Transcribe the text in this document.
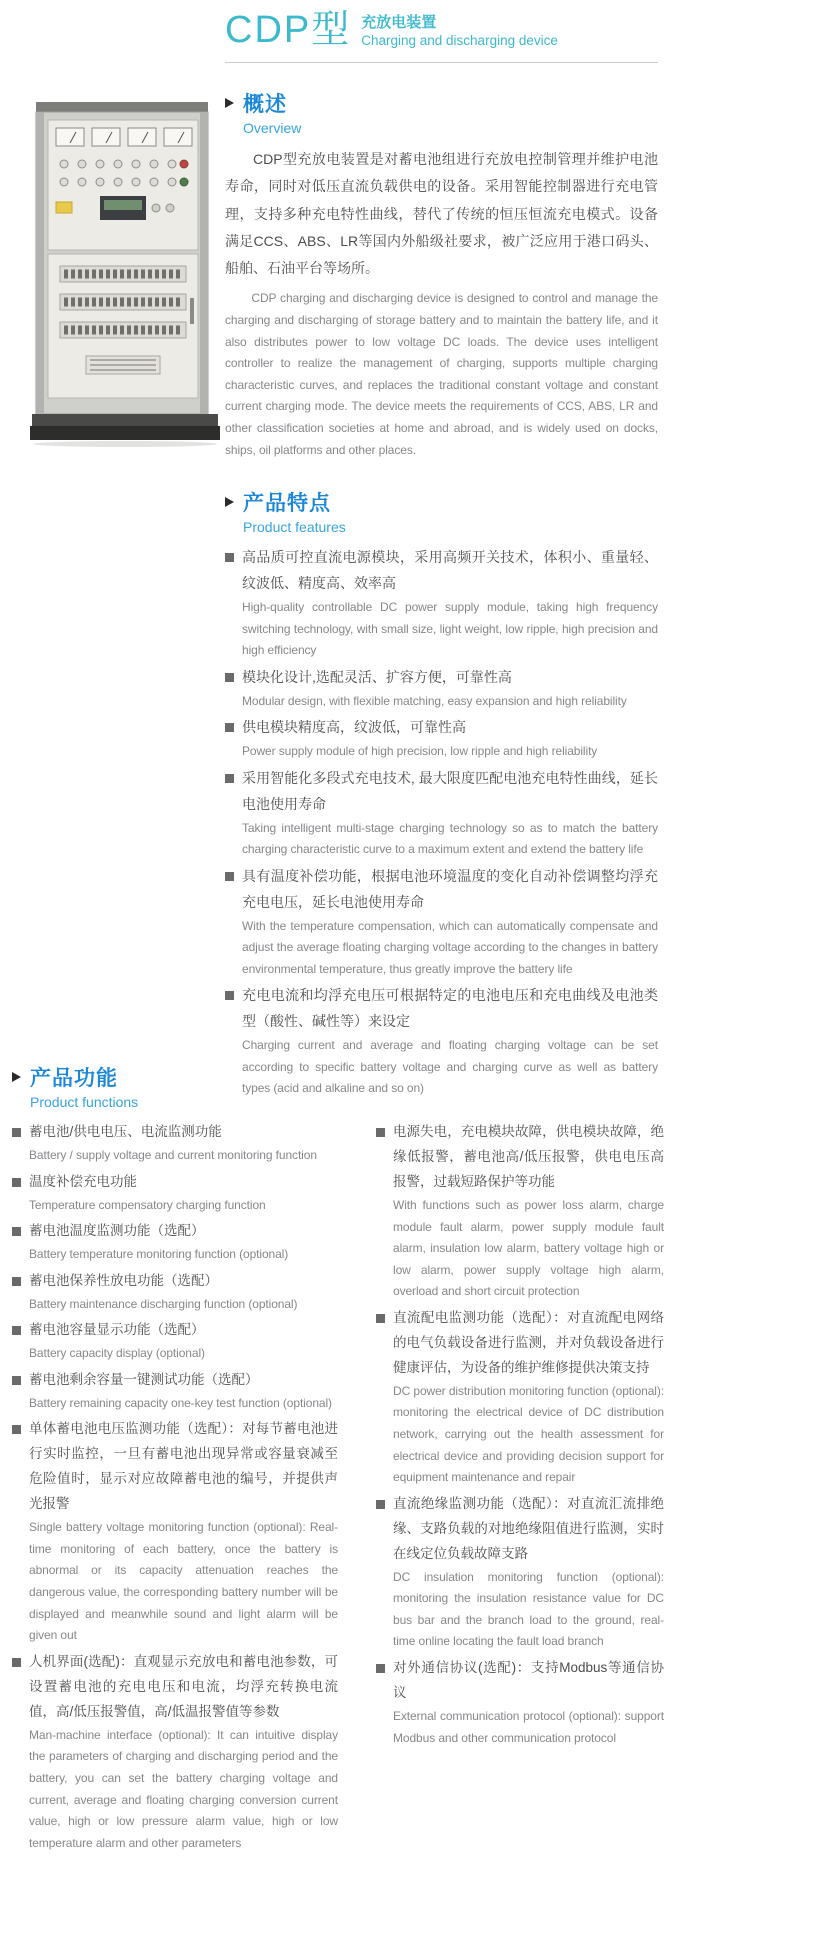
CDP型 充放电装置
Charging and discharging device
概述
Overview

CDP型充放电装置是对蓄电池组进行充放电控制管理并维护电池寿命，同时对低压直流负载供电的设备。采用智能控制器进行充电管理，支持多种充电特性曲线，替代了传统的恒压恒流充电模式。设备满足CCS、ABS、LR等国内外船级社要求，被广泛应用于港口码头、船舶、石油平台等场所。

CDP charging and discharging device is designed to control and manage the charging and discharging of storage battery and to maintain the battery life, and it also distributes power to low voltage DC loads. The device uses intelligent controller to realize the management of charging, supports multiple charging characteristic curves, and replaces the traditional constant voltage and constant current charging mode. The device meets the requirements of CCS, ABS, LR and other classification societies at home and abroad, and is widely used on docks, ships, oil platforms and other places.

产品特点
Product features
高品质可控直流电源模块，采用高频开关技术，体积小、重量轻、纹波低、精度高、效率高
High-quality controllable DC power supply module, taking high frequency switching technology, with small size, light weight, low ripple, high precision and high efficiency
模块化设计,选配灵活、扩容方便，可靠性高
Modular design, with flexible matching, easy expansion and high reliability
供电模块精度高，纹波低，可靠性高
Power supply module of high precision, low ripple and high reliability
采用智能化多段式充电技术, 最大限度匹配电池充电特性曲线，延长电池使用寿命
Taking intelligent multi-stage charging technology so as to match the battery charging characteristic curve to a maximum extent and extend the battery life
具有温度补偿功能，根据电池环境温度的变化自动补偿调整均浮充充电电压，延长电池使用寿命
With the temperature compensation, which can automatically compensate and adjust the average floating charging voltage according to the changes in battery environmental temperature, thus greatly improve the battery life
充电电流和均浮充电压可根据特定的电池电压和充电曲线及电池类型（酸性、碱性等）来设定
Charging current and average and floating charging voltage can be set according to specific battery voltage and charging curve as well as battery types (acid and alkaline and so on)
产品功能
Product functions
蓄电池/供电电压、电流监测功能
Battery / supply voltage and current monitoring function
温度补偿充电功能
Temperature compensatory charging function
蓄电池温度监测功能（选配）
Battery temperature monitoring function (optional)
蓄电池保养性放电功能（选配）
Battery maintenance discharging function (optional)
蓄电池容量显示功能（选配）
Battery capacity display (optional)
蓄电池剩余容量一键测试功能（选配）
Battery remaining capacity one-key test function (optional)
单体蓄电池电压监测功能（选配）：对每节蓄电池进行实时监控，一旦有蓄电池出现异常或容量衰减至危险值时，显示对应故障蓄电池的编号，并提供声光报警
Single battery voltage monitoring function (optional): Real-time monitoring of each battery, once the battery is abnormal or its capacity attenuation reaches the dangerous value, the corresponding battery number will be displayed and meanwhile sound and light alarm will be given out
人机界面(选配)：直观显示充放电和蓄电池参数，可设置蓄电池的充电电压和电流，均浮充转换电流值，高/低压报警值，高/低温报警值等参数
Man-machine interface (optional): It can intuitive display the parameters of charging and discharging period and the battery, you can set the battery charging voltage and current, average and floating charging conversion current value, high or low pressure alarm value, high or low temperature alarm and other parameters
电源失电，充电模块故障，供电模块故障，绝缘低报警，蓄电池高/低压报警，供电电压高报警，过载短路保护等功能
With functions such as power loss alarm, charge module fault alarm, power supply module fault alarm, insulation low alarm, battery voltage high or low alarm, power supply voltage high alarm, overload and short circuit protection
直流配电监测功能（选配）：对直流配电网络的电气负载设备进行监测，并对负载设备进行健康评估，为设备的维护维修提供决策支持
DC power distribution monitoring function (optional): monitoring the electrical device of DC distribution network, carrying out the health assessment for electrical device and providing decision support for equipment maintenance and repair
直流绝缘监测功能（选配）：对直流汇流排绝缘、支路负载的对地绝缘阻值进行监测，实时在线定位负载故障支路
DC insulation monitoring function (optional): monitoring the insulation resistance value for DC bus bar and the branch load to the ground, real-time online locating the fault load branch
对外通信协议(选配)：支持Modbus等通信协议
External communication protocol (optional): support Modbus and other communication protocol
